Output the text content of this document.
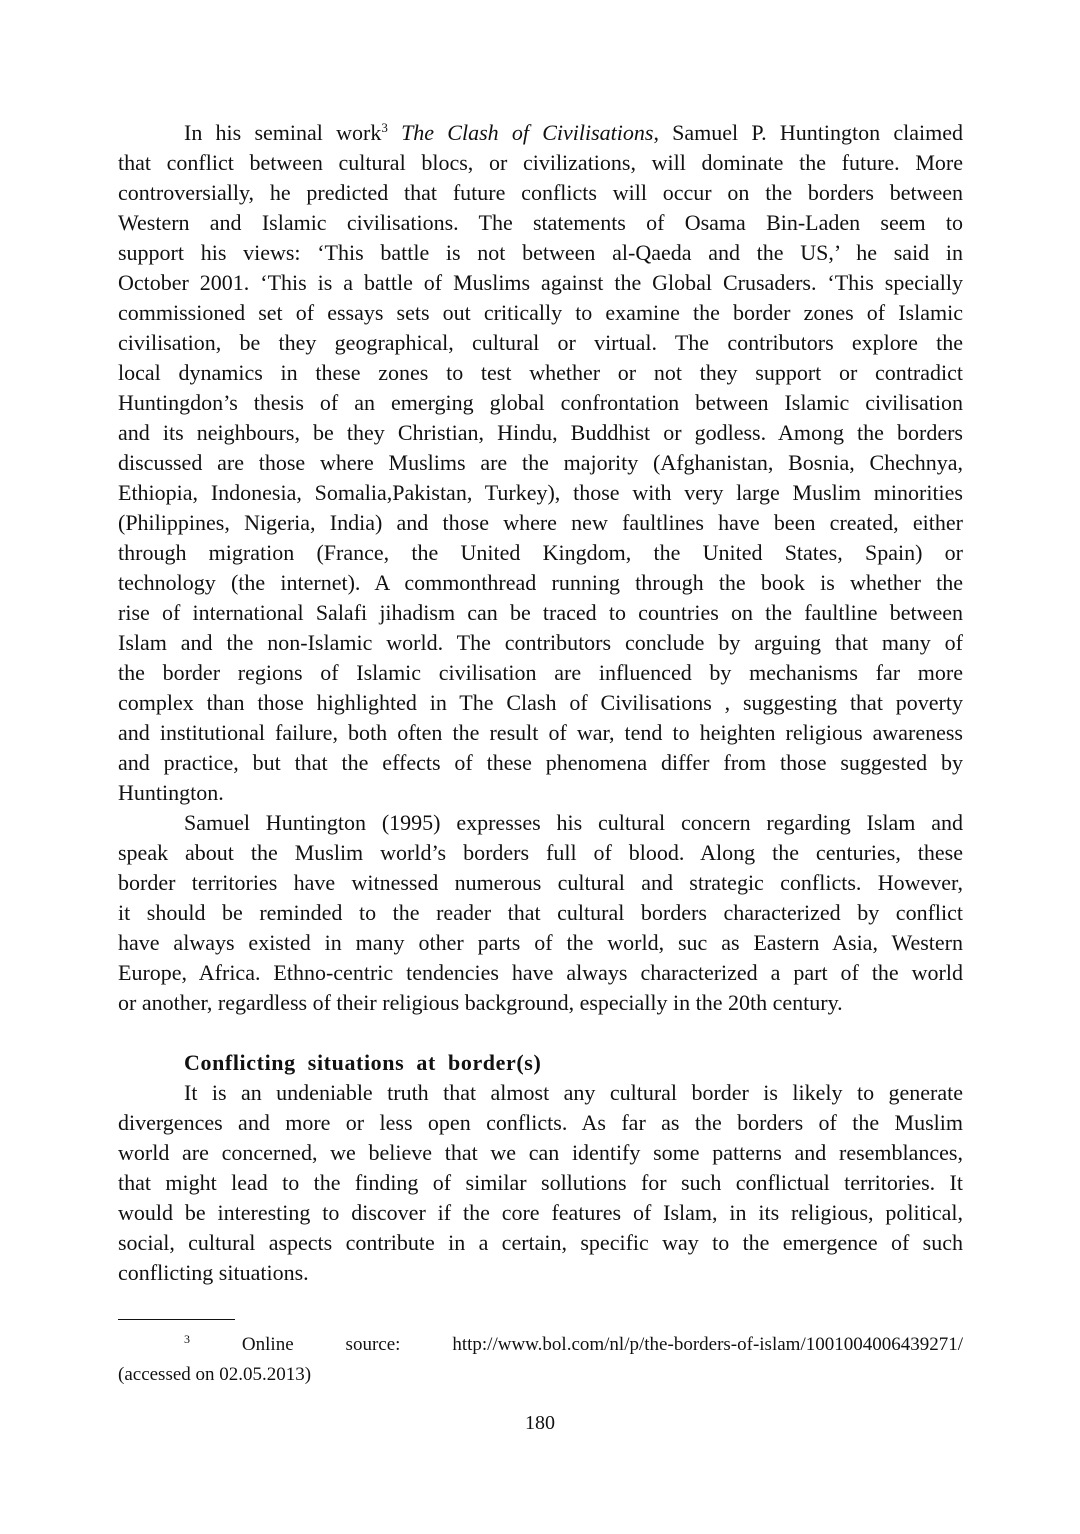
In his seminal work$^3$ The Clash of Civilisations, Samuel P. Huntington claimed
that conflict between cultural blocs, or civilizations, will dominate the future. More
controversially, he predicted that future conflicts will occur on the borders between
Western and Islamic civilisations. The statements of Osama Bin-Laden seem to
support his views: ‘This battle is not between al-Qaeda and the US,’ he said in
October 2001. ‘This is a battle of Muslims against the Global Crusaders. ‘This specially
commissioned set of essays sets out critically to examine the border zones of Islamic
civilisation, be they geographical, cultural or virtual. The contributors explore the
local dynamics in these zones to test whether or not they support or contradict
Huntingdon’s thesis of an emerging global confrontation between Islamic civilisation
and its neighbours, be they Christian, Hindu, Buddhist or godless. Among the borders
discussed are those where Muslims are the majority (Afghanistan, Bosnia, Chechnya,
Ethiopia, Indonesia, Somalia,Pakistan, Turkey), those with very large Muslim minorities
(Philippines, Nigeria, India) and those where new faultlines have been created, either
through migration (France, the United Kingdom, the United States, Spain) or
technology (the internet). A commonthread running through the book is whether the
rise of international Salafi jihadism can be traced to countries on the faultline between
Islam and the non-Islamic world. The contributors conclude by arguing that many of
the border regions of Islamic civilisation are influenced by mechanisms far more
complex than those highlighted in The Clash of Civilisations , suggesting that poverty
and institutional failure, both often the result of war, tend to heighten religious awareness
and practice, but that the effects of these phenomena differ from those suggested by
Huntington.
Samuel Huntington (1995) expresses his cultural concern regarding Islam and
speak about the Muslim world’s borders full of blood. Along the centuries, these
border territories have witnessed numerous cultural and strategic conflicts. However,
it should be reminded to the reader that cultural borders characterized by conflict
have always existed in many other parts of the world, suc as Eastern Asia, Western
Europe, Africa. Ethno-centric tendencies have always characterized a part of the world
or another, regardless of their religious background, especially in the 20th century.
Conflicting situations at border(s)
It is an undeniable truth that almost any cultural border is likely to generate
divergences and more or less open conflicts. As far as the borders of the Muslim
world are concerned, we believe that we can identify some patterns and resemblances,
that might lead to the finding of similar sollutions for such conflictual territories. It
would be interesting to discover if the core features of Islam, in its religious, political,
social, cultural aspects contribute in a certain, specific way to the emergence of such
conflicting situations.
$^3$ Online source: http://www.bol.com/nl/p/the-borders-of-islam/1001004006439271/
(accessed on 02.05.2013)
180
